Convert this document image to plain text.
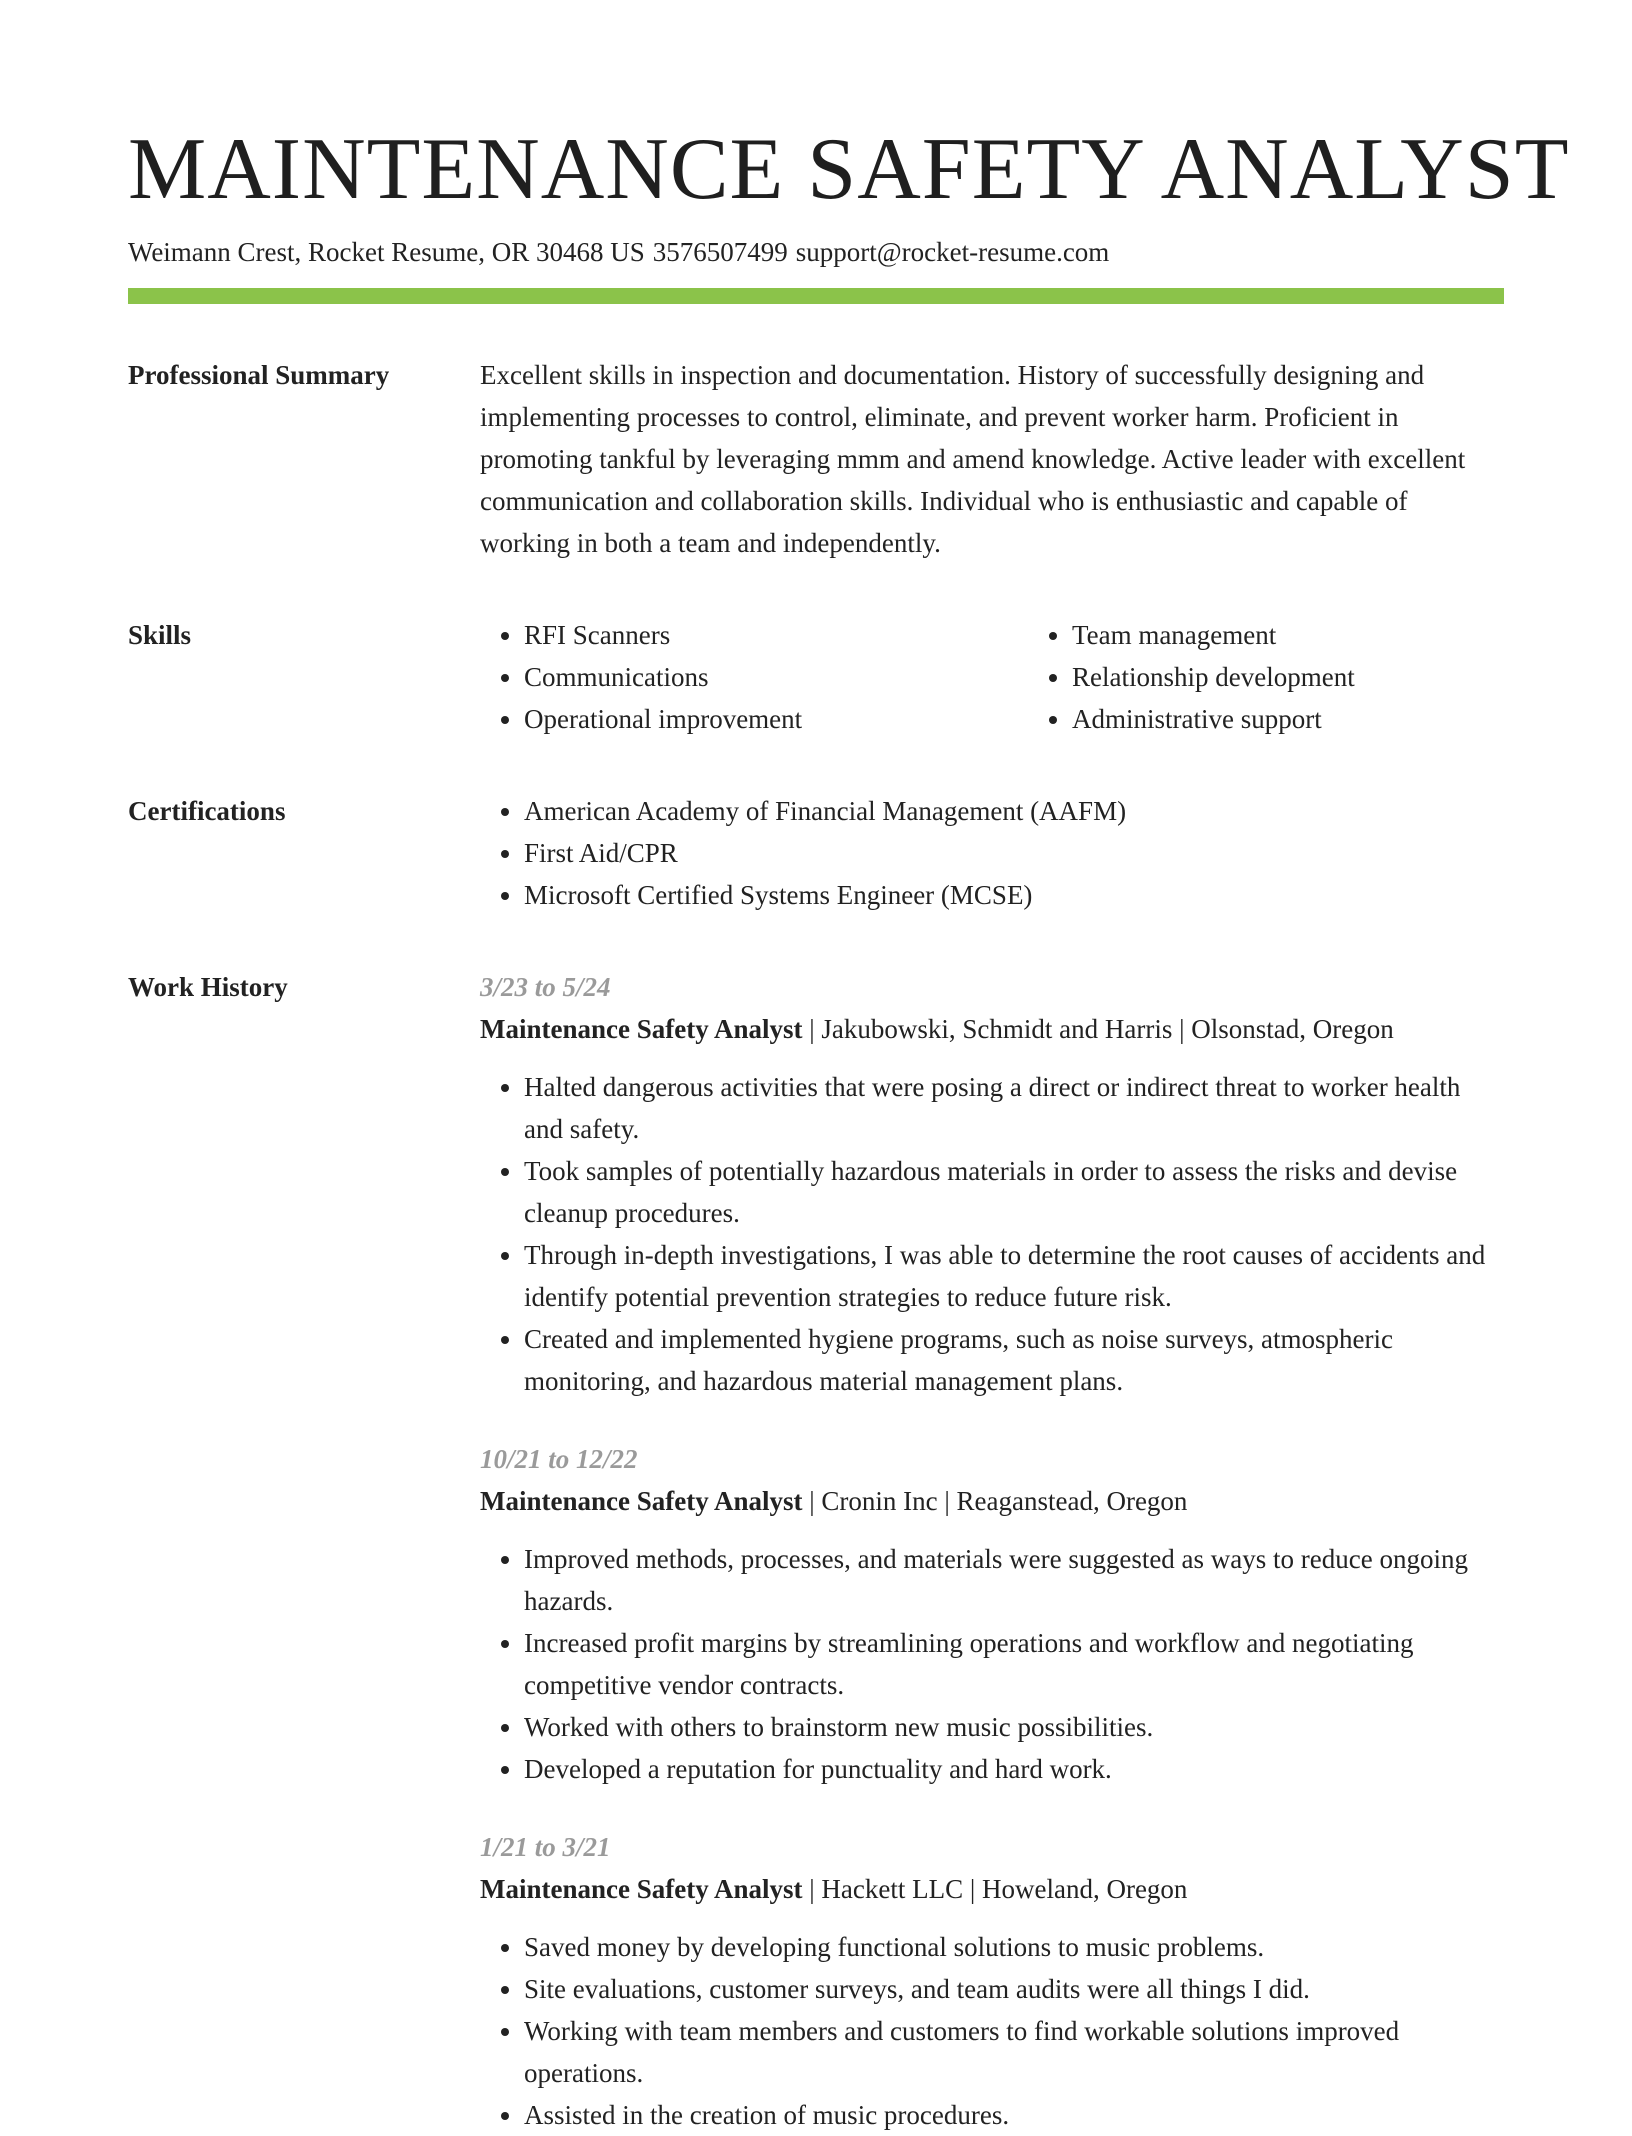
MAINTENANCE SAFETY ANALYST
Weimann Crest, Rocket Resume, OR 30468 US 3576507499 support@rocket-resume.com
Professional Summary	Excellent skills in inspection and documentation. History of successfully designing and implementing processes to control, eliminate, and prevent worker harm. Proficient in promoting tankful by leveraging mmm and amend knowledge. Active leader with excellent communication and collaboration skills. Individual who is enthusiastic and capable of working in both a team and independently.

Skills	• RFI Scanners
• Communications
• Operational improvement
• Team management
• Relationship development
• Administrative support
Certifications	• American Academy of Financial Management (AAFM)
• First Aid/CPR
• Microsoft Certified Systems Engineer (MCSE)
Work History	3/23 to 5/24
Maintenance Safety Analyst | Jakubowski, Schmidt and Harris | Olsonstad, Oregon
• Halted dangerous activities that were posing a direct or indirect threat to worker health and safety.
• Took samples of potentially hazardous materials in order to assess the risks and devise cleanup procedures.
• Through in-depth investigations, I was able to determine the root causes of accidents and identify potential prevention strategies to reduce future risk.
• Created and implemented hygiene programs, such as noise surveys, atmospheric monitoring, and hazardous material management plans.
10/21 to 12/22
Maintenance Safety Analyst | Cronin Inc | Reaganstead, Oregon
• Improved methods, processes, and materials were suggested as ways to reduce ongoing hazards.
• Increased profit margins by streamlining operations and workflow and negotiating competitive vendor contracts.
• Worked with others to brainstorm new music possibilities.
• Developed a reputation for punctuality and hard work.
1/21 to 3/21
Maintenance Safety Analyst | Hackett LLC | Howeland, Oregon
• Saved money by developing functional solutions to music problems.
• Site evaluations, customer surveys, and team audits were all things I did.
• Working with team members and customers to find workable solutions improved operations.
• Assisted in the creation of music procedures.
